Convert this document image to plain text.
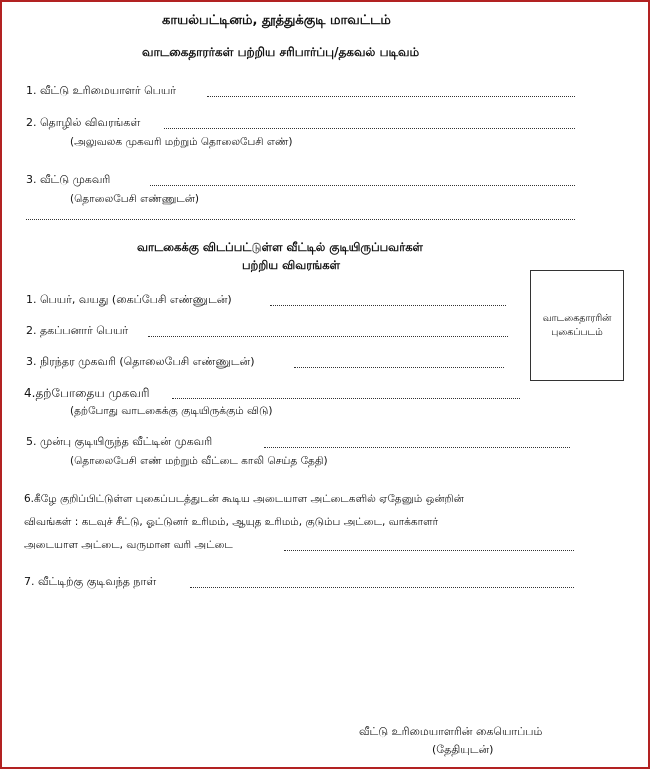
காயல்பட்டினம், தூத்துக்குடி மாவட்டம்
வாடகைதாரர்கள் பற்றிய சரிபார்ப்பு/தகவல் படிவம்
1. வீட்டு உரிமையாளர் பெயர்
2. தொழில் விவரங்கள்
(அலுவலக முகவரி மற்றும் தொலைபேசி எண்)
3. வீட்டு முகவரி
(தொலைபேசி எண்ணுடன்)
வாடகைக்கு விடப்பட்டுள்ள வீட்டில் குடியிருப்பவர்கள்
பற்றிய விவரங்கள்
வாடகைதாரரின்
புகைப்படம்
1. பெயர், வயது (கைப்பேசி எண்ணுடன்)
2. தகப்பனார் பெயர்
3. நிரந்தர முகவரி (தொலைபேசி எண்ணுடன்)
4.தற்போதைய முகவரி
(தற்போது வாடகைக்கு குடியிருக்கும் விடு)
5. முன்பு குடியிருந்த வீட்டின் முகவரி
(தொலைபேசி எண் மற்றும் வீட்டை காலி செய்த தேதி)
6.கீழே குறிப்பிட்டுள்ள புகைப்படத்துடன் கூடிய அடையாள அட்டைகளில் ஏதேனும் ஒன்றின்
விவங்கள் : கடவுச் சீட்டு, ஓட்டுனர் உரிமம், ஆயுத உரிமம், குடும்ப அட்டை, வாக்காளர்
அடையாள அட்டை, வருமான வரி அட்டை
7. வீட்டிற்கு குடிவந்த நாள்
வீட்டு உரிமையாளரின் கையொப்பம்
(தேதியுடன்)
